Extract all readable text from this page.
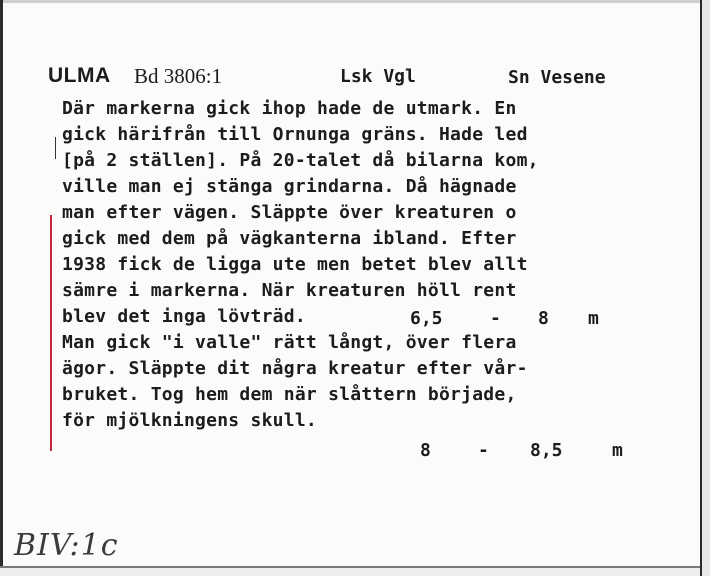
ULMA Bd 3806:1	Lsk Vgl	Sn Vesene
Där markerna gick ihop hade de utmark. En
gick härifrån till Ornunga gräns. Hade led
[på 2 ställen]. På 20-talet då bilarna kom,
ville man ej stänga grindarna. Då hägnade
man efter vägen. Släppte över kreaturen o
gick med dem på vägkanterna ibland. Efter
1938 fick de ligga ute men betet blev allt
sämre i markerna. När kreaturen höll rent
blev det inga lövträd.
Man gick "i valle" rätt långt, över flera
ägor. Släppte dit några kreatur efter vår-
bruket. Tog hem dem när slåttern började,
för mjölkningens skull.
6,5	- 8 m
8	- 8,5	m
BIV:1c
